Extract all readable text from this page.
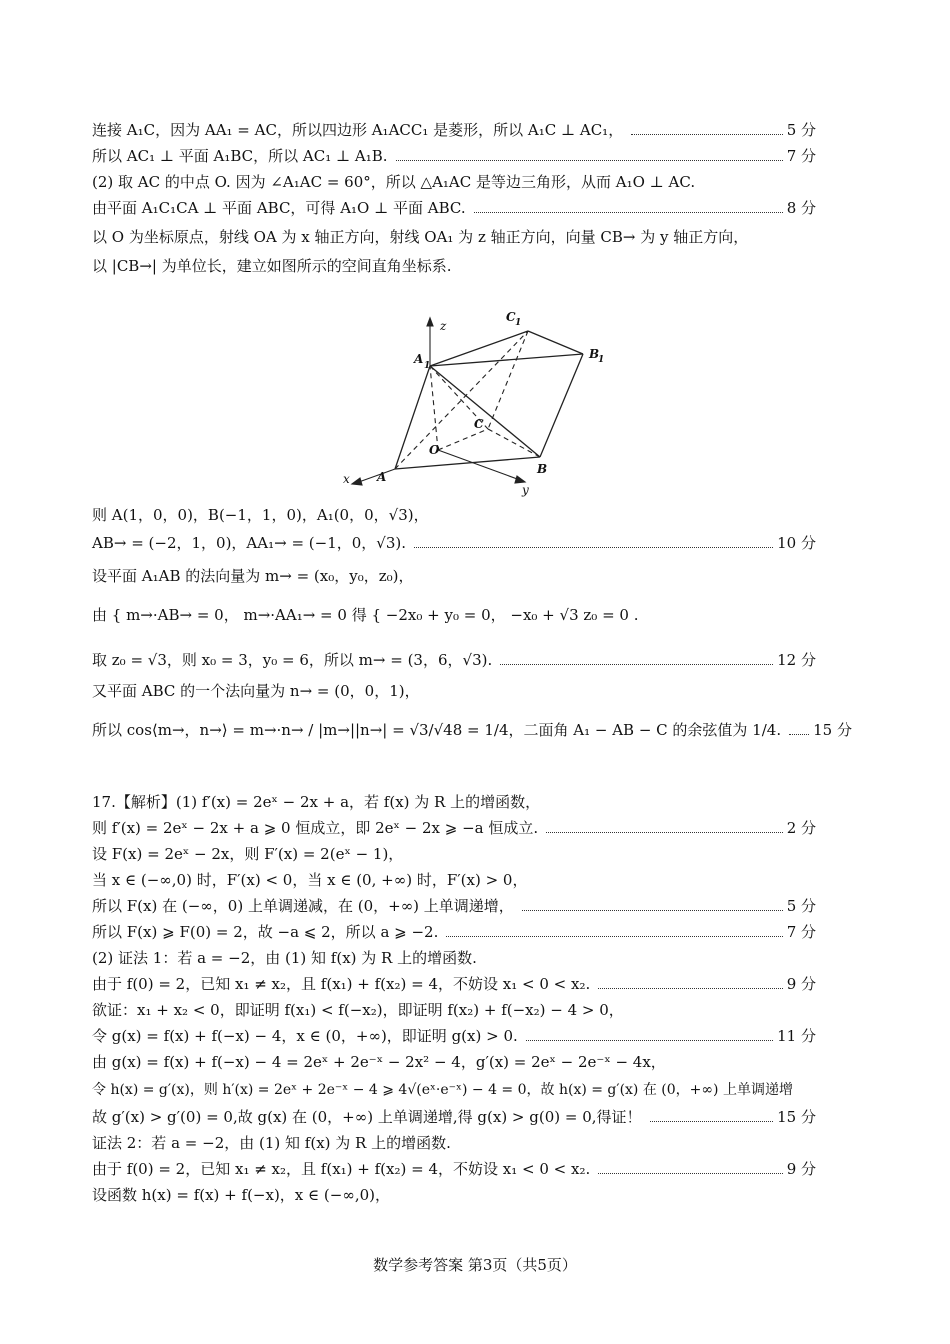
连接 A₁C，因为 AA₁ = AC，所以四边形 A₁ACC₁ 是菱形，所以 A₁C ⊥ AC₁，	5 分
所以 AC₁ ⊥ 平面 A₁BC，所以 AC₁ ⊥ A₁B.	7 分
(2) 取 AC 的中点 O. 因为 ∠A₁AC = 60°，所以 △A₁AC 是等边三角形，从而 A₁O ⊥ AC.
由平面 A₁C₁CA ⊥ 平面 ABC，可得 A₁O ⊥ 平面 ABC.	8 分
以 O 为坐标原点，射线 OA 为 x 轴正方向，射线 OA₁ 为 z 轴正方向，向量 CB→ 为 y 轴正方向，
以 |CB→| 为单位长，建立如图所示的空间直角坐标系.
z
x
y
A 1
C 1
B
1
C
O
A
B
则 A(1，0，0)，B(−1，1，0)，A₁(0，0，√3)，
AB→ = (−2，1，0)，AA₁→ = (−1，0，√3).	10 分
设平面 A₁AB 的法向量为 m→ = (x₀，y₀，z₀)，
由 { m→·AB→ = 0， m→·AA₁→ = 0 得 { −2x₀ + y₀ = 0， −x₀ + √3 z₀ = 0 .
取 z₀ = √3，则 x₀ = 3，y₀ = 6，所以 m→ = (3，6，√3).	12 分
又平面 ABC 的一个法向量为 n→ = (0，0，1)，
所以 cos⟨m→，n→⟩ = m→·n→ / |m→||n→| = √3/√48 = 1/4，二面角 A₁ − AB − C 的余弦值为 1/4. 15 分
17.【解析】(1) f′(x) = 2eˣ − 2x + a，若 f(x) 为 R 上的增函数，
则 f′(x) = 2eˣ − 2x + a ⩾ 0 恒成立，即 2eˣ − 2x ⩾ −a 恒成立.	2 分
设 F(x) = 2eˣ − 2x，则 F′(x) = 2(eˣ − 1)，
当 x ∈ (−∞,0) 时，F′(x) < 0，当 x ∈ (0, +∞) 时，F′(x) > 0，
所以 F(x) 在 (−∞，0) 上单调递减，在 (0，+∞) 上单调递增，	5 分
所以 F(x) ⩾ F(0) = 2，故 −a ⩽ 2，所以 a ⩾ −2.	7 分
(2) 证法 1：若 a = −2，由 (1) 知 f(x) 为 R 上的增函数.
由于 f(0) = 2，已知 x₁ ≠ x₂，且 f(x₁) + f(x₂) = 4，不妨设 x₁ < 0 < x₂.	9 分
欲证：x₁ + x₂ < 0，即证明 f(x₁) < f(−x₂)，即证明 f(x₂) + f(−x₂) − 4 > 0，
令 g(x) = f(x) + f(−x) − 4，x ∈ (0，+∞)，即证明 g(x) > 0.	11 分
由 g(x) = f(x) + f(−x) − 4 = 2eˣ + 2e⁻ˣ − 2x² − 4，g′(x) = 2eˣ − 2e⁻ˣ − 4x，
令 h(x) = g′(x)，则 h′(x) = 2eˣ + 2e⁻ˣ − 4 ⩾ 4√(eˣ·e⁻ˣ) − 4 = 0，故 h(x) = g′(x) 在 (0，+∞) 上单调递增
故 g′(x) > g′(0) = 0,故 g(x) 在 (0，+∞) 上单调递增,得 g(x) > g(0) = 0,得证！	15 分
证法 2：若 a = −2，由 (1) 知 f(x) 为 R 上的增函数.
由于 f(0) = 2，已知 x₁ ≠ x₂，且 f(x₁) + f(x₂) = 4，不妨设 x₁ < 0 < x₂.	9 分
设函数 h(x) = f(x) + f(−x)，x ∈ (−∞,0)，
数学参考答案 第3页（共5页）
